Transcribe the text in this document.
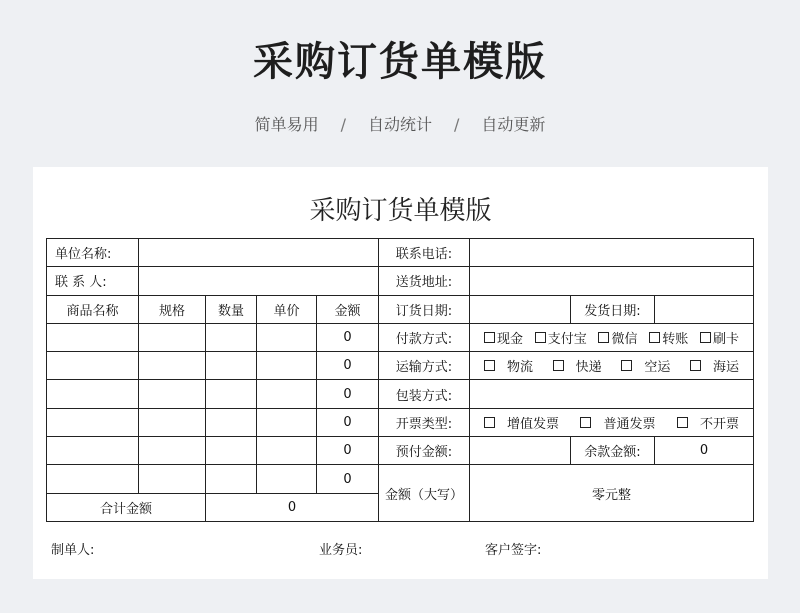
采购订货单模版
简单易用 / 自动统计 / 自动更新
采购订货单模版
单位名称:					联系电话:			
联 系 人:					送货地址:			
商品名称	规格	数量	单价	金额	订货日期:		发货日期:	
				0	付款方式:	现金 支付宝 微信 转账 刷卡		

				0	运输方式:	物流 快递 空运 海运		

				0	包装方式:			
				0	开票类型:	增值发票 普通发票 不开票		

				0	预付金额:		余款金额:	0
				0	金额（大写）	零元整		
合计金额		0						
制单人:	业务员:	客户签字:
